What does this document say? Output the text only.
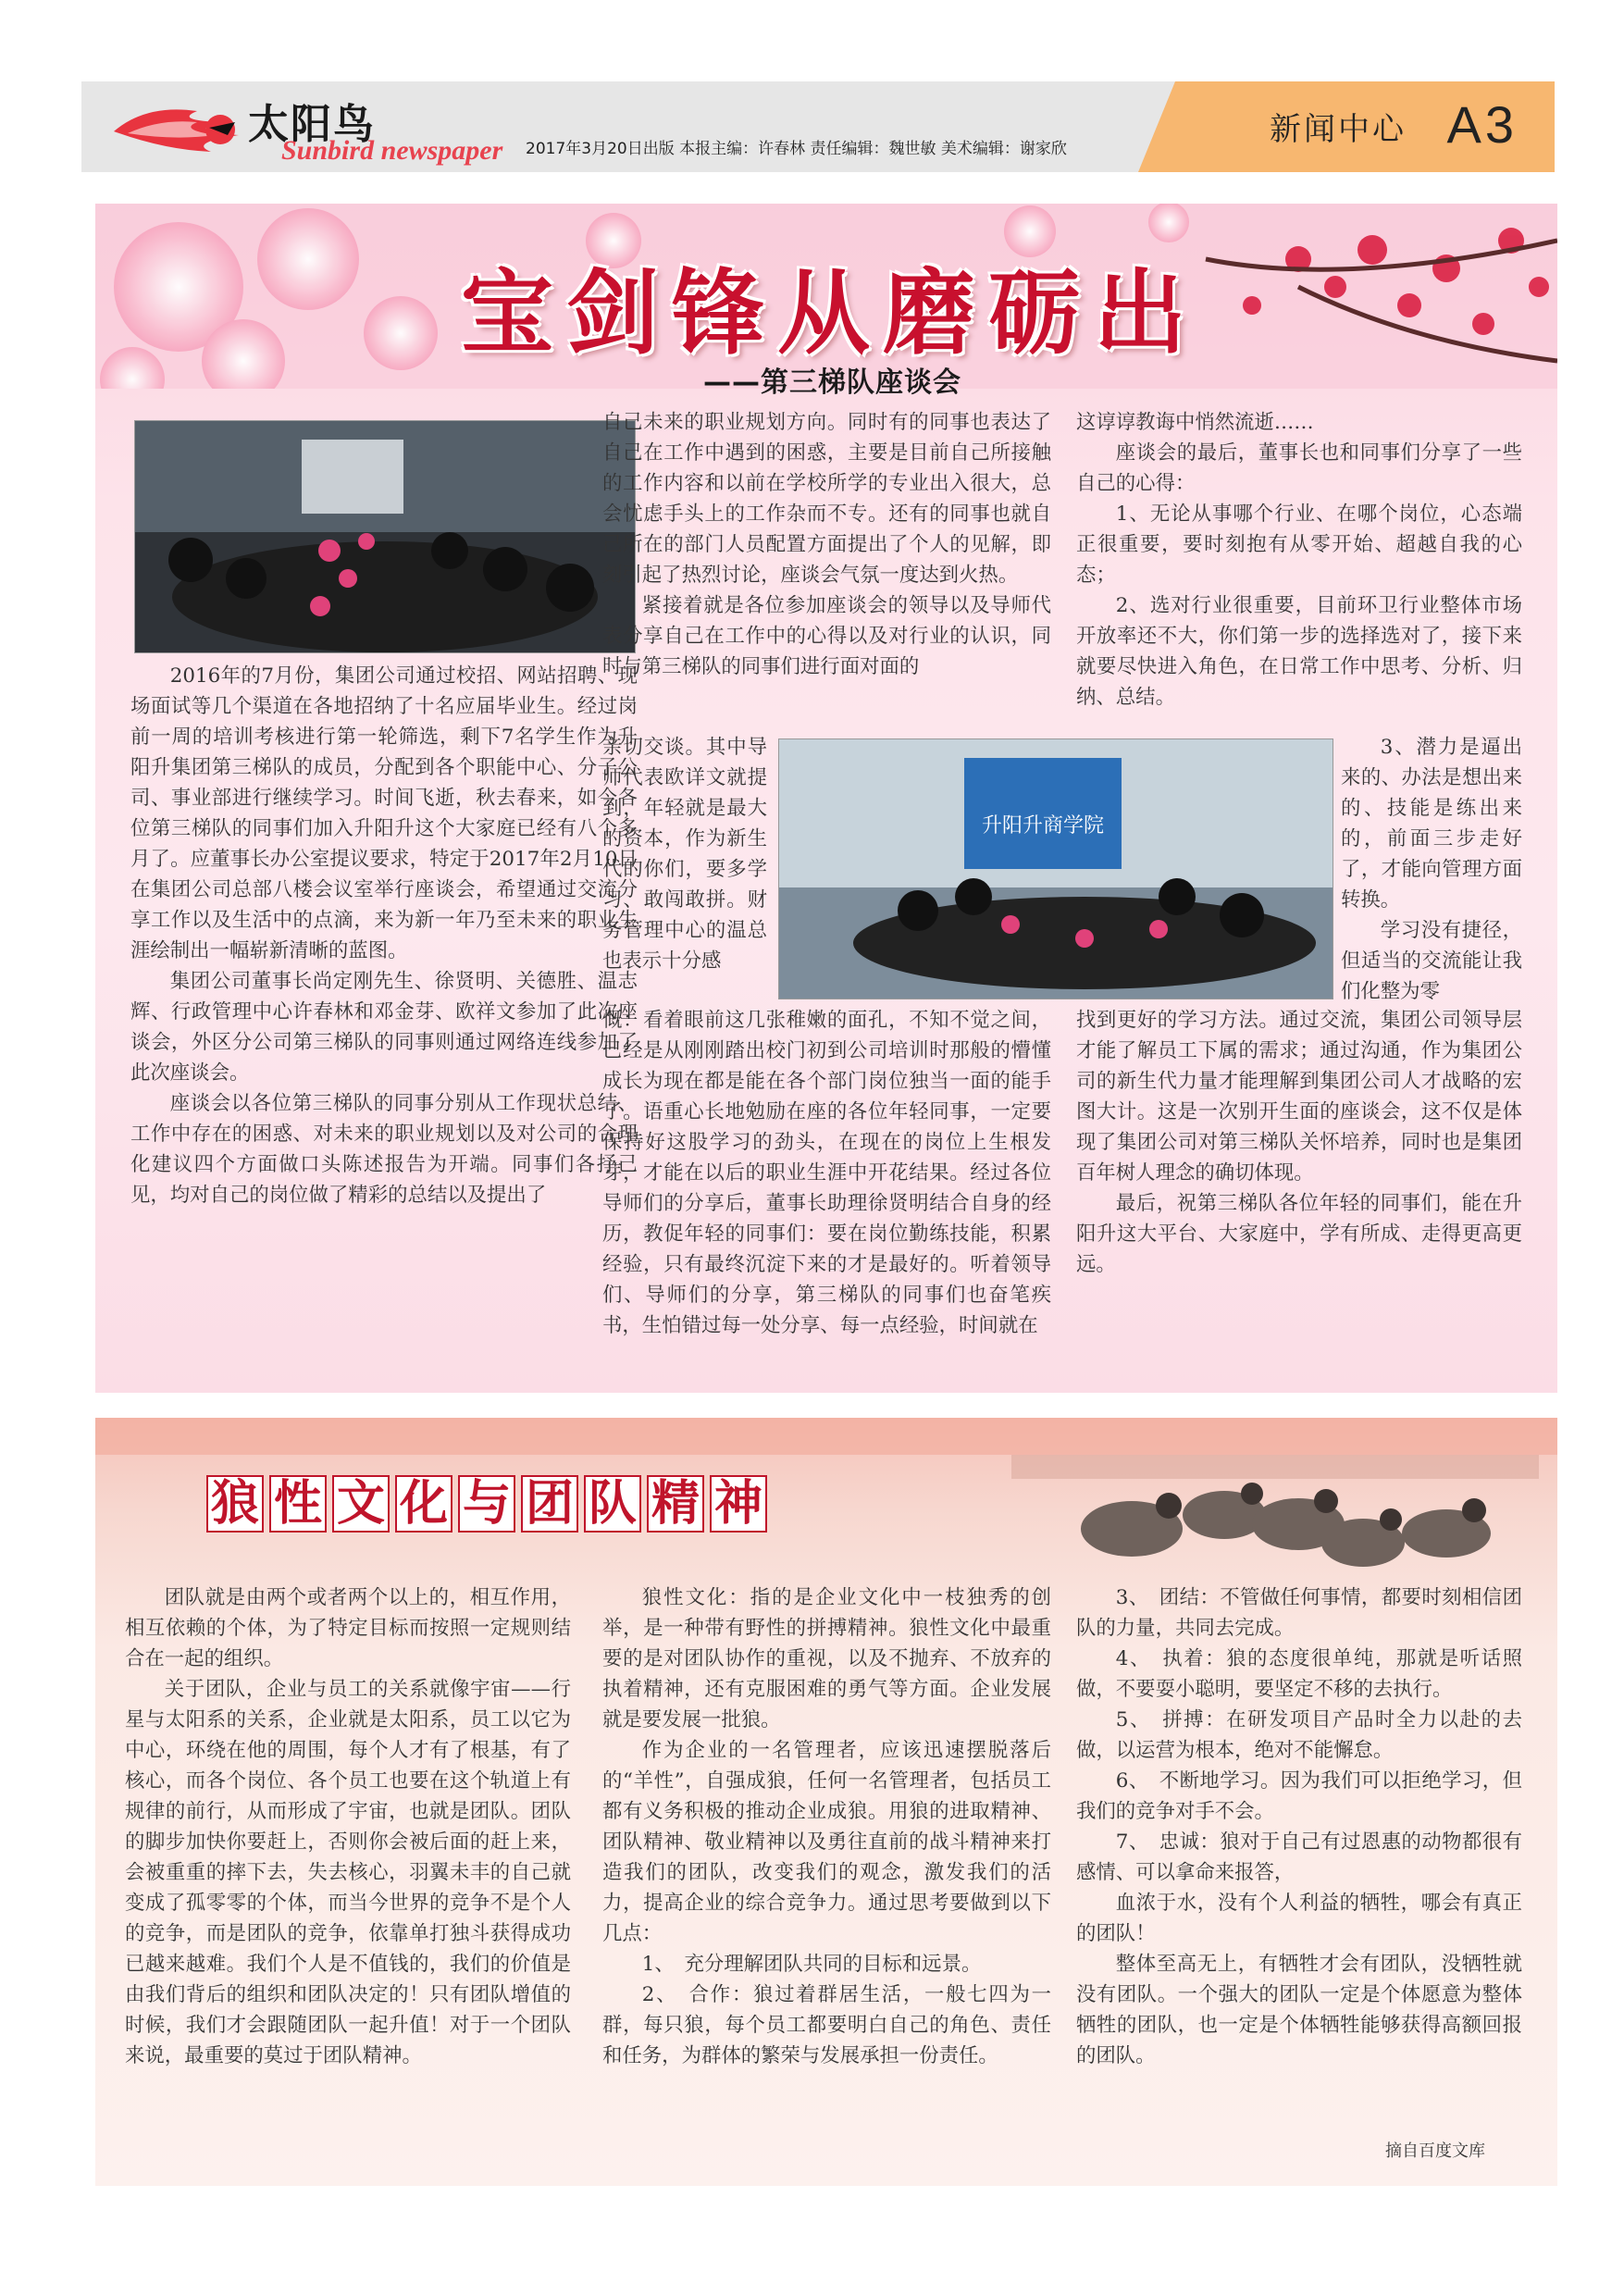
太阳鸟
Sunbird newspaper 2017年3月20日出版 本报主编：许春林 责任编辑：魏世敏 美术编辑：谢家欣
新闻中心 A3
宝剑锋从磨砺出
——第三梯队座谈会

2016年的7月份，集团公司通过校招、网站招聘、现场面试等几个渠道在各地招纳了十名应届毕业生。经过岗前一周的培训考核进行第一轮筛选，剩下7名学生作为升阳升集团第三梯队的成员，分配到各个职能中心、分子公司、事业部进行继续学习。时间飞逝，秋去春来，如今各位第三梯队的同事们加入升阳升这个大家庭已经有八个多月了。应董事长办公室提议要求，特定于2017年2月10日在集团公司总部八楼会议室举行座谈会，希望通过交流分享工作以及生活中的点滴，来为新一年乃至未来的职业生涯绘制出一幅崭新清晰的蓝图。

集团公司董事长尚定刚先生、徐贤明、关德胜、温志辉、行政管理中心许春林和邓金芽、欧祥文参加了此次座谈会，外区分公司第三梯队的同事则通过网络连线参加了此次座谈会。

座谈会以各位第三梯队的同事分别从工作现状总结、工作中存在的困惑、对未来的职业规划以及对公司的合理化建议四个方面做口头陈述报告为开端。同事们各抒己见，均对自己的岗位做了精彩的总结以及提出了

自己未来的职业规划方向。同时有的同事也表达了自己在工作中遇到的困惑，主要是目前自己所接触的工作内容和以前在学校所学的专业出入很大，总会忧虑手头上的工作杂而不专。还有的同事也就自己所在的部门人员配置方面提出了个人的见解，即刻引起了热烈讨论，座谈会气氛一度达到火热。

紧接着就是各位参加座谈会的领导以及导师代表分享自己在工作中的心得以及对行业的认识，同时与第三梯队的同事们进行面对面的

亲切交谈。其中导师代表欧详文就提到，年轻就是最大的资本，作为新生代的你们，要多学习、敢闯敢拼。财务管理中心的温总也表示十分感

升阳升商学院

慨：看着眼前这几张稚嫩的面孔，不知不觉之间，已经是从刚刚踏出校门初到公司培训时那般的懵懂成长为现在都是能在各个部门岗位独当一面的能手了。语重心长地勉励在座的各位年轻同事，一定要保持好这股学习的劲头，在现在的岗位上生根发芽，才能在以后的职业生涯中开花结果。经过各位导师们的分享后，董事长助理徐贤明结合自身的经历，教促年轻的同事们：要在岗位勤练技能，积累经验，只有最终沉淀下来的才是最好的。听着领导们、导师们的分享，第三梯队的同事们也奋笔疾书，生怕错过每一处分享、每一点经验，时间就在

这谆谆教诲中悄然流逝……

座谈会的最后，董事长也和同事们分享了一些自己的心得：

1、无论从事哪个行业、在哪个岗位，心态端正很重要，要时刻抱有从零开始、超越自我的心态；

2、选对行业很重要，目前环卫行业整体市场开放率还不大，你们第一步的选择选对了，接下来就要尽快进入角色，在日常工作中思考、分析、归纳、总结。

3、潜力是逼出来的、办法是想出来的、技能是练出来的，前面三步走好了，才能向管理方面转换。

学习没有捷径，但适当的交流能让我们化整为零

找到更好的学习方法。通过交流，集团公司领导层才能了解员工下属的需求；通过沟通，作为集团公司的新生代力量才能理解到集团公司人才战略的宏图大计。这是一次别开生面的座谈会，这不仅是体现了集团公司对第三梯队关怀培养，同时也是集团百年树人理念的确切体现。

最后，祝第三梯队各位年轻的同事们，能在升阳升这大平台、大家庭中，学有所成、走得更高更远。

狼 性 文 化 与 团 队 精 神

团队就是由两个或者两个以上的，相互作用，相互依赖的个体，为了特定目标而按照一定规则结合在一起的组织。

关于团队，企业与员工的关系就像宇宙——行星与太阳系的关系，企业就是太阳系，员工以它为中心，环绕在他的周围，每个人才有了根基，有了核心，而各个岗位、各个员工也要在这个轨道上有规律的前行，从而形成了宇宙，也就是团队。团队的脚步加快你要赶上，否则你会被后面的赶上来，会被重重的摔下去，失去核心，羽翼未丰的自己就变成了孤零零的个体，而当今世界的竞争不是个人的竞争，而是团队的竞争，依靠单打独斗获得成功已越来越难。我们个人是不值钱的，我们的价值是由我们背后的组织和团队决定的！只有团队增值的时候，我们才会跟随团队一起升值！对于一个团队来说，最重要的莫过于团队精神。

狼性文化：指的是企业文化中一枝独秀的创举，是一种带有野性的拼搏精神。狼性文化中最重要的是对团队协作的重视，以及不抛弃、不放弃的执着精神，还有克服困难的勇气等方面。企业发展就是要发展一批狼。

作为企业的一名管理者，应该迅速摆脱落后的“羊性”，自强成狼，任何一名管理者，包括员工都有义务积极的推动企业成狼。用狼的进取精神、团队精神、敬业精神以及勇往直前的战斗精神来打造我们的团队，改变我们的观念，激发我们的活力，提高企业的综合竞争力。通过思考要做到以下几点：

1、　充分理解团队共同的目标和远景。

2、　合作：狼过着群居生活，一般七四为一群，每只狼，每个员工都要明白自己的角色、责任和任务，为群体的繁荣与发展承担一份责任。

3、　团结：不管做任何事情，都要时刻相信团队的力量，共同去完成。

4、　执着：狼的态度很单纯，那就是听话照做，不要耍小聪明，要坚定不移的去执行。

5、　拼搏：在研发项目产品时全力以赴的去做，以运营为根本，绝对不能懈怠。

6、　不断地学习。因为我们可以拒绝学习，但我们的竞争对手不会。

7、　忠诚：狼对于自己有过恩惠的动物都很有感情、可以拿命来报答，

血浓于水，没有个人利益的牺牲，哪会有真正的团队！

整体至高无上，有牺牲才会有团队，没牺牲就没有团队。一个强大的团队一定是个体愿意为整体牺牲的团队，也一定是个体牺牲能够获得高额回报的团队。

摘自百度文库
